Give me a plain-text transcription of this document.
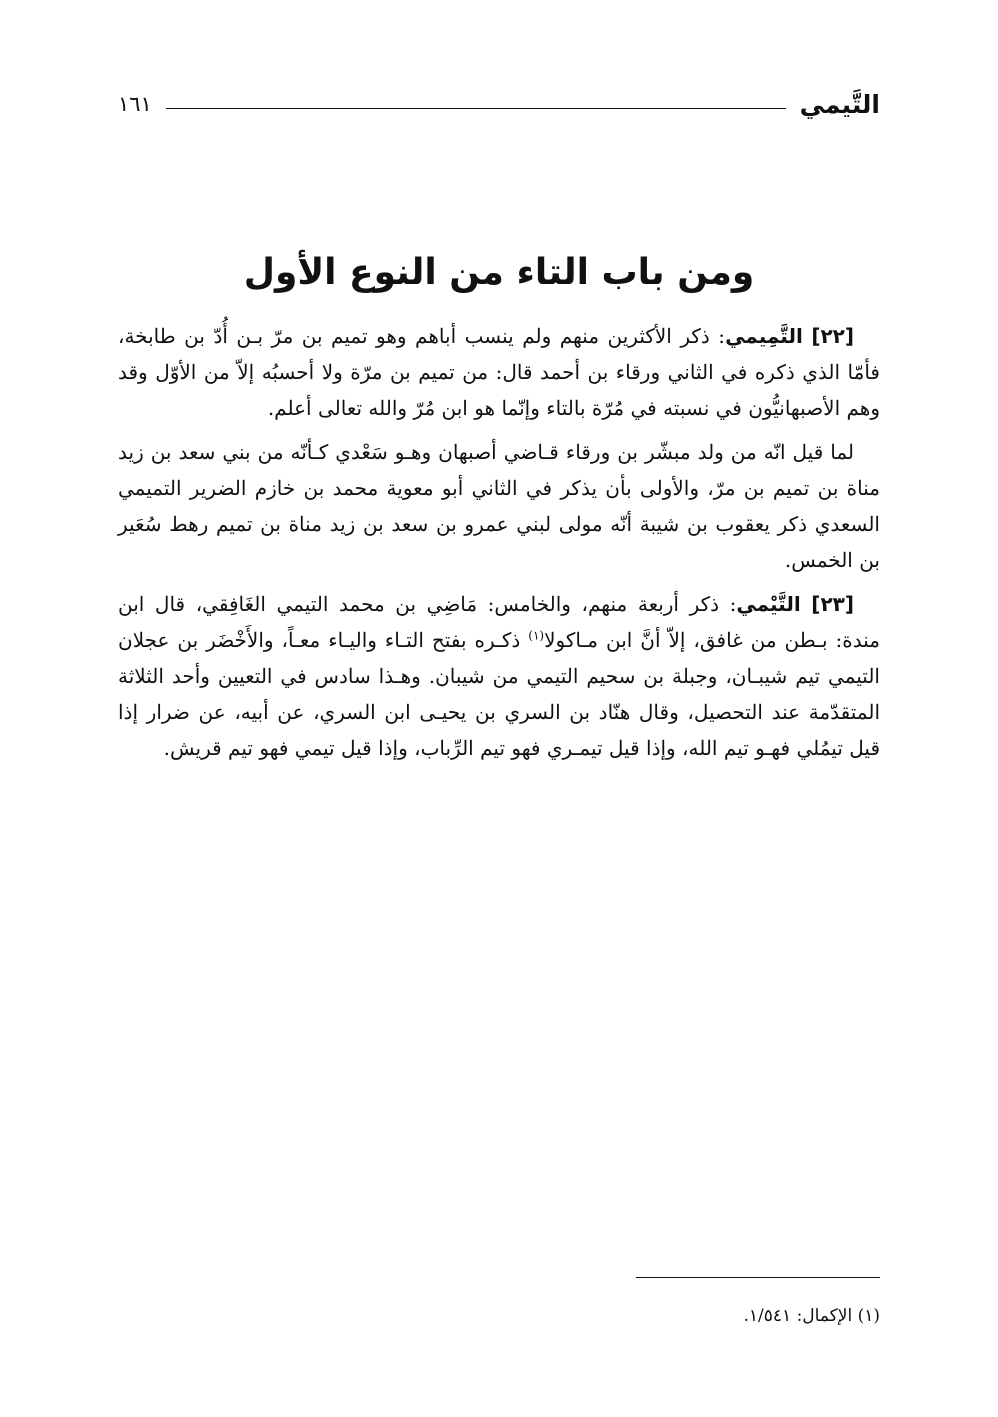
التَّيمي
١٦١
ومن باب التاء من النوع الأول

[٢٢] التَّمِيمي: ذكر الأكثرين منهم ولم ينسب أباهم وهو تميم بن مرّ بـن أُدّ بن طابخة، فأمّا الذي ذكره في الثاني ورقاء بن أحمد قال: من تميم بن مرّة ولا أحسبُه إلاّ من الأوّل وقد وهم الأصبهانيُّون في نسبته في مُرّة بالتاء وإنّما هو ابن مُرّ والله تعالى أعلم.

لما قيل انّه من ولد مبشّر بن ورقاء قـاضي أصبهان وهـو سَعْدي كـأنّه من بني سعد بن زيد مناة بن تميم بن مرّ، والأولى بأن يذكر في الثاني أبو معوية محمد بن خازم الضرير التميمي السعدي ذكر يعقوب بن شيبة أنّه مولى لبني عمرو بن سعد بن زيد مناة بن تميم رهط سُعَير بن الخمس.

[٢٣] التَّيْمي: ذكر أربعة منهم، والخامس: مَاضِي بن محمد التيمي الغَافِقي، قال ابن مندة: بـطن من غافق، إلاّ أنَّ ابن مـاكولا$^{(١)}$ ذكـره بفتح التـاء واليـاء معـاً، والأَخْضَر بن عجلان التيمي تيم شيبـان، وجبلة بن سحيم التيمي من شيبان. وهـذا سادس في التعيين وأحد الثلاثة المتقدّمة عند التحصيل، وقال هنّاد بن السري بن يحيـى ابن السري، عن أبيه، عن ضرار إذا قيل تيمُلي فهـو تيم الله، وإذا قيل تيمـري فهو تيم الرِّباب، وإذا قيل تيمي فهو تيم قريش.

(١) الإكمال: ١/٥٤١.
